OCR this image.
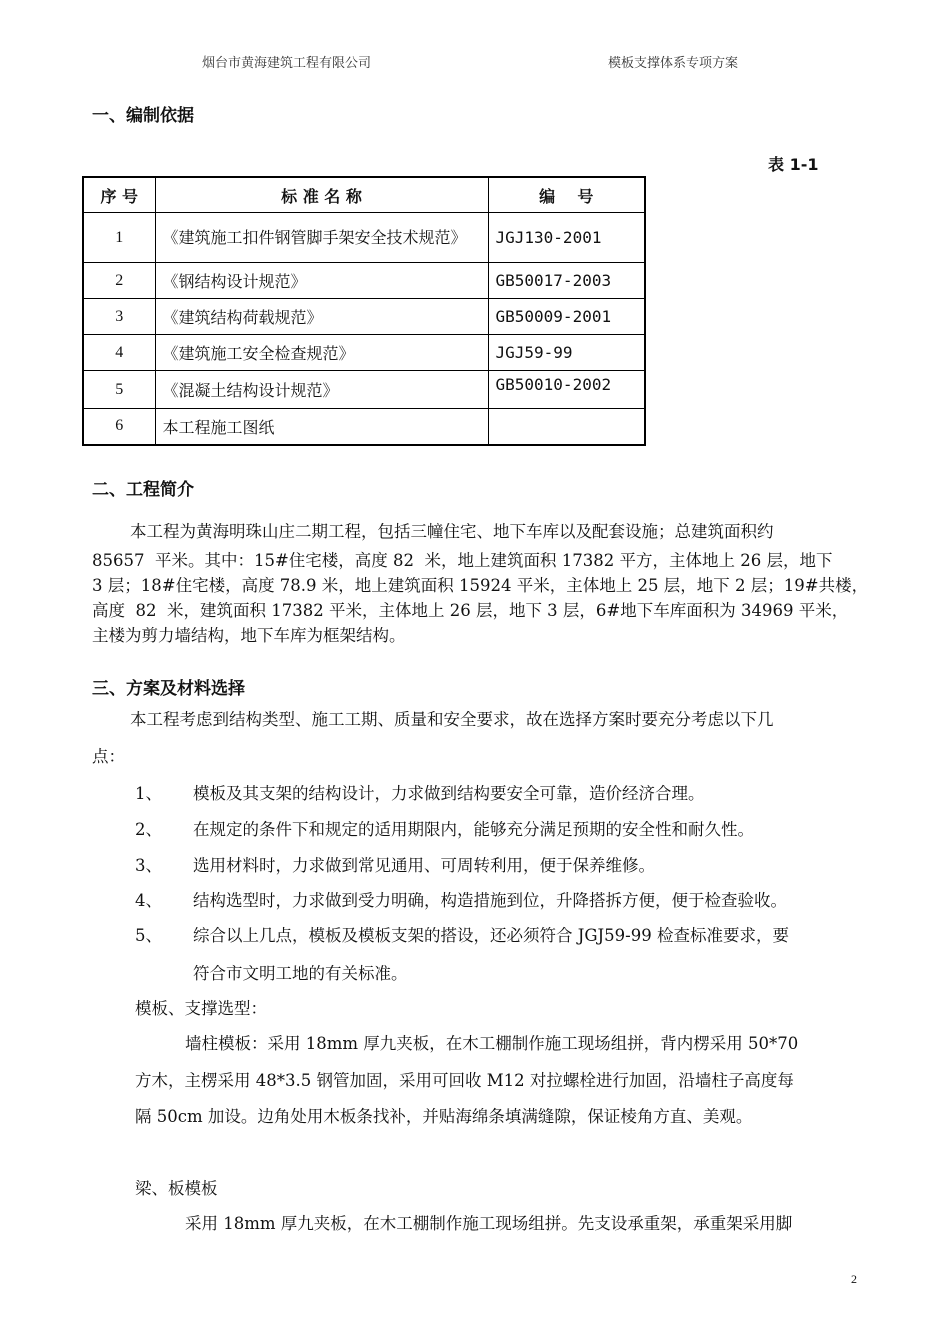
烟台市黄海建筑工程有限公司	模板支撑体系专项方案
一、编制依据
表 1-1
序 号	标 准 名 称	编    号
1	《建筑施工扣件钢管脚手架安全技术规范》	JGJ130-2001
2	《钢结构设计规范》	GB50017-2003
3	《建筑结构荷载规范》	GB50009-2001
4	《建筑施工安全检查规范》	JGJ59-99
5	《混凝土结构设计规范》	GB50010-2002
6	本工程施工图纸	
二、工程简介
本工程为黄海明珠山庄二期工程，包括三幢住宅、地下车库以及配套设施；总建筑面积约
85657  平米。其中：15#住宅楼，高度 82  米，地上建筑面积 17382 平方，主体地上 26 层，地下
3 层；18#住宅楼，高度 78.9 米，地上建筑面积 15924 平米，主体地上 25 层，地下 2 层；19#共楼，
高度  82  米，建筑面积 17382 平米，主体地上 26 层，地下 3 层，6#地下车库面积为 34969 平米，
主楼为剪力墙结构，地下车库为框架结构。
三、方案及材料选择
本工程考虑到结构类型、施工工期、质量和安全要求，故在选择方案时要充分考虑以下几
点：
1、 模板及其支架的结构设计，力求做到结构要安全可靠，造价经济合理。
2、 在规定的条件下和规定的适用期限内，能够充分满足预期的安全性和耐久性。
3、 选用材料时，力求做到常见通用、可周转利用，便于保养维修。
4、 结构选型时，力求做到受力明确，构造措施到位，升降搭拆方便，便于检查验收。
5、 综合以上几点，模板及模板支架的搭设，还必须符合 JGJ59-99 检查标准要求，要
符合市文明工地的有关标准。
模板、支撑选型：
墙柱模板：采用 18mm 厚九夹板，在木工棚制作施工现场组拼，背内楞采用 50*70
方木，主楞采用 48*3.5 钢管加固，采用可回收 M12 对拉螺栓进行加固，沿墙柱子高度每
隔 50cm 加设。边角处用木板条找补，并贴海绵条填满缝隙，保证棱角方直、美观。
梁、板模板
采用 18mm 厚九夹板，在木工棚制作施工现场组拼。先支设承重架，承重架采用脚
2
